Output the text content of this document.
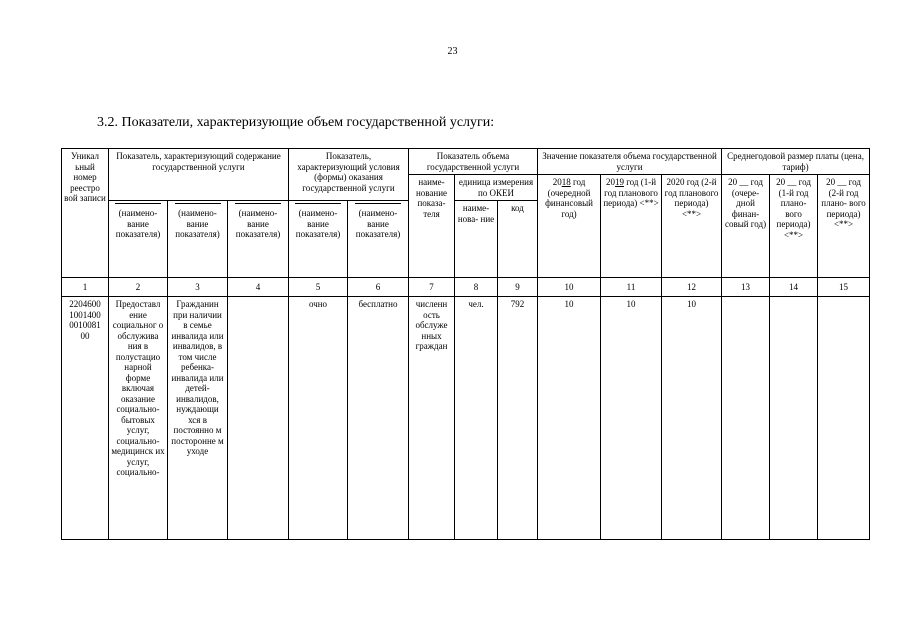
23
3.2. Показатели, характеризующие объем государственной услуги:
Уникал ьный номер реестро вой записи	Показатель, характеризующий содержание государственной услуги			Показатель, характеризующий условия (формы) оказания государственной услуги		Показатель объема государственной услуги			Значение показателя объема государственной услуги			Среднегодовой размер платы (цена, тариф)		
						наиме- нование показа- теля	единица измерения по ОКЕИ		2018 год (очередной финансовый год)	2019 год (1-й год планового периода) <**>	2020 год (2-й год планового периода) <**>	20 __ год (очере- дной финан- совый год)	20 __ год (1-й год плано- вого периода) <**>	20 __ год (2-й год плано- вого периода) <**>
							наиме- нова- ние	код						

(наимено- вание показателя)	(наимено- вание показателя)	(наимено- вание показателя)	(наимено- вание показателя)	(наимено- вание показателя)									
1	2	3	4	5	6	7	8	9	10	11	12	13	14	15
2204600 1001400 0010081 00	Предоставл ение социальног о обслужива ния в полустацио нарной форме включая оказание социально- бытовых услуг, социально- медицинск их услуг, социально-	Гражданин при наличии в семье инвалида или инвалидов, в том числе ребенка- инвалида или детей- инвалидов, нуждающи хся в постоянно м посторонне м уходе		очно	бесплатно	численн ость обслуже нных граждан	чел.	792	10	10	10			
